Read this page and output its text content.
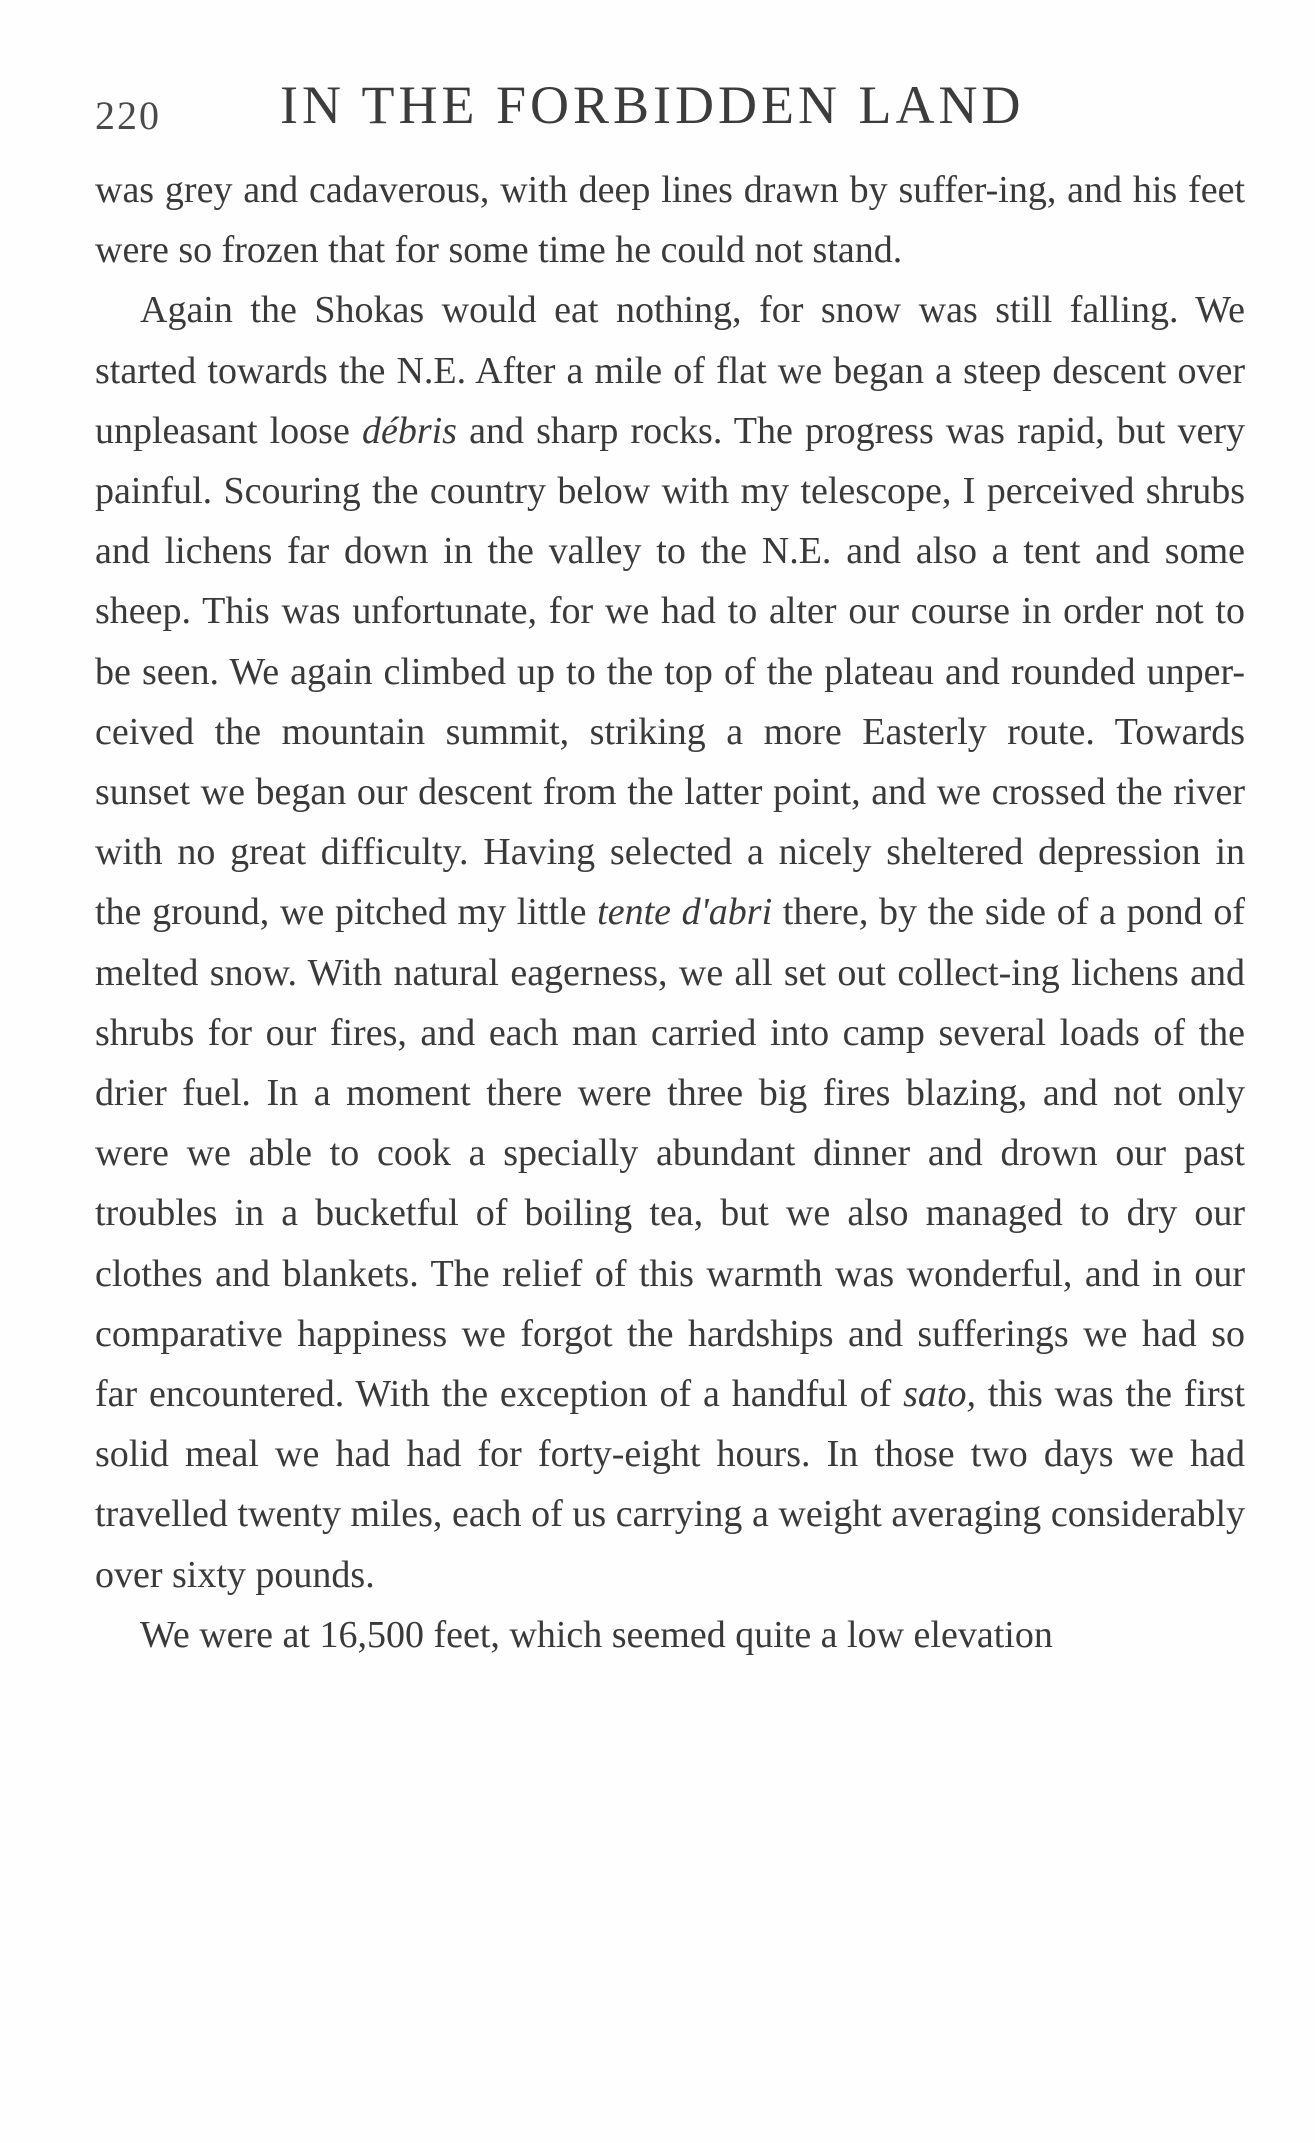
220 IN THE FORBIDDEN LAND

was grey and cadaverous, with deep lines drawn by suffer-ing, and his feet were so frozen that for some time he could not stand.

Again the Shokas would eat nothing, for snow was still falling. We started towards the N.E. After a mile of flat we began a steep descent over unpleasant loose débris and sharp rocks. The progress was rapid, but very painful. Scouring the country below with my telescope, I perceived shrubs and lichens far down in the valley to the N.E. and also a tent and some sheep. This was unfortunate, for we had to alter our course in order not to be seen. We again climbed up to the top of the plateau and rounded unper-ceived the mountain summit, striking a more Easterly route. Towards sunset we began our descent from the latter point, and we crossed the river with no great difficulty. Having selected a nicely sheltered depression in the ground, we pitched my little tente d'abri there, by the side of a pond of melted snow. With natural eagerness, we all set out collect-ing lichens and shrubs for our fires, and each man carried into camp several loads of the drier fuel. In a moment there were three big fires blazing, and not only were we able to cook a specially abundant dinner and drown our past troubles in a bucketful of boiling tea, but we also managed to dry our clothes and blankets. The relief of this warmth was wonderful, and in our comparative happiness we forgot the hardships and sufferings we had so far encountered. With the exception of a handful of sato, this was the first solid meal we had had for forty-eight hours. In those two days we had travelled twenty miles, each of us carrying a weight averaging considerably over sixty pounds.

We were at 16,500 feet, which seemed quite a low elevation
